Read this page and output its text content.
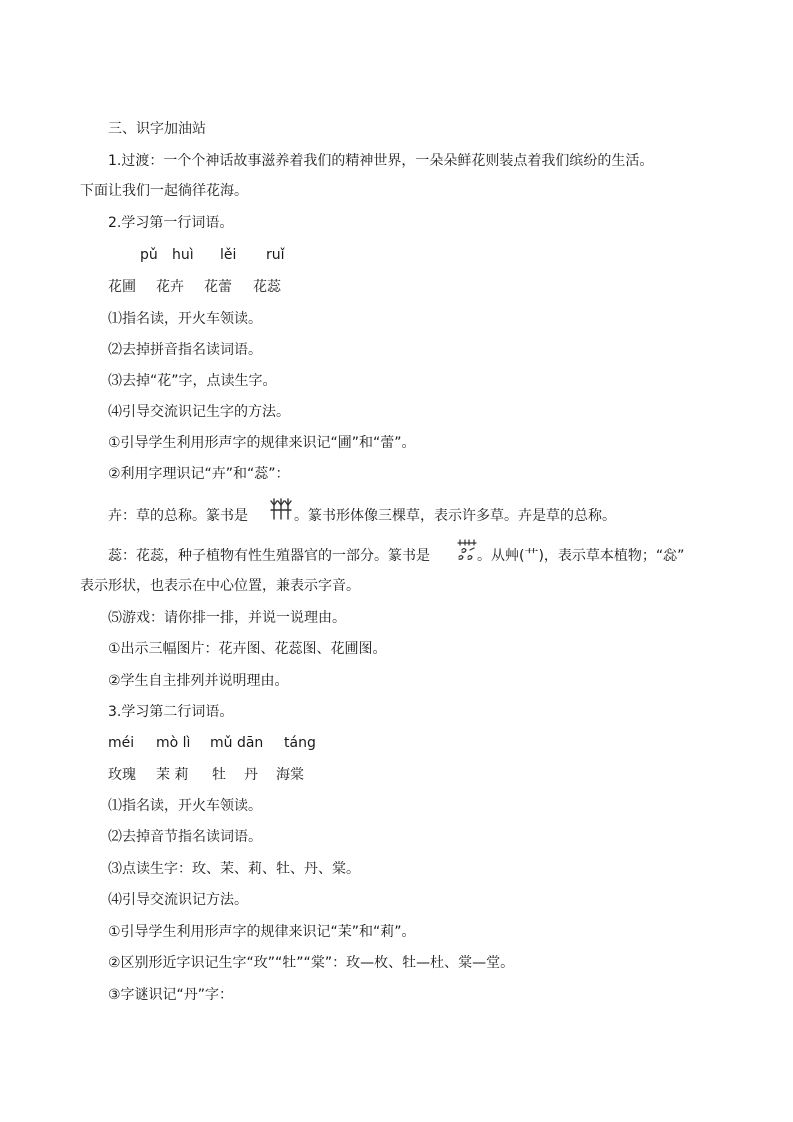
三、识字加油站
1.过渡：一个个神话故事滋养着我们的精神世界，一朵朵鲜花则装点着我们缤纷的生活。
下面让我们一起徜徉花海。
2.学习第一行词语。
pǔ huì lěi ruǐ
花圃 花卉 花蕾 花蕊
⑴指名读，开火车领读。
⑵去掉拼音指名读词语。
⑶去掉“花”字，点读生字。
⑷引导交流识记生字的方法。
①引导学生利用形声字的规律来识记“圃”和“蕾”。
②利用字理识记“卉”和“蕊”：
卉：草的总称。篆书是	。篆书形体像三棵草，表示许多草。卉是草的总称。
蕊：花蕊，种子植物有性生殖器官的一部分。篆书是	。从艸(艹)，表示草本植物；“惢”
表示形状，也表示在中心位置，兼表示字音。
⑸游戏：请你排一排，并说一说理由。
①出示三幅图片：花卉图、花蕊图、花圃图。
②学生自主排列并说明理由。
3.学习第二行词语。
méi mò lì mǔ dān táng
玫瑰 茉 莉 牡 丹 海棠
⑴指名读，开火车领读。
⑵去掉音节指名读词语。
⑶点读生字：玫、茉、莉、牡、丹、棠。
⑷引导交流识记方法。
①引导学生利用形声字的规律来识记“茉”和“莉”。
②区别形近字识记生字“玫”“牡”“棠”：玫—枚、牡—杜、棠—堂。
③字谜识记“丹”字：
